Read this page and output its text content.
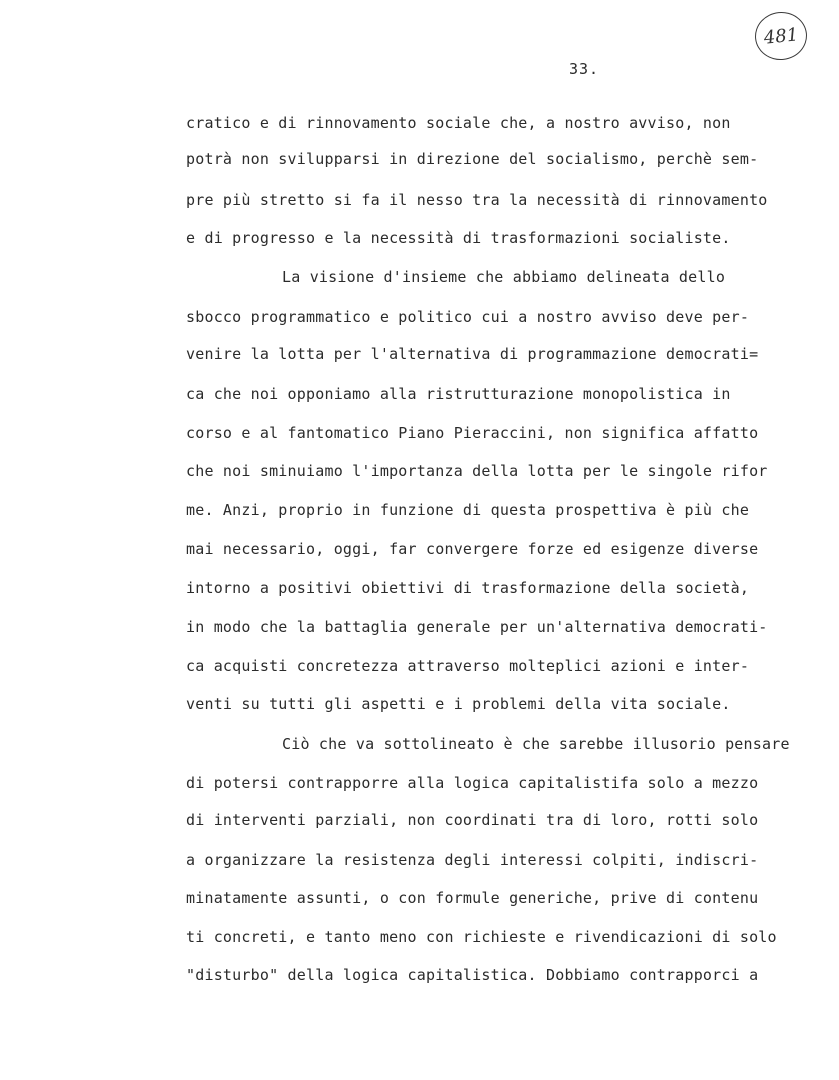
481
33.
cratico e di rinnovamento sociale che, a nostro avviso, non
potrà non svilupparsi in direzione del socialismo, perchè sem-
pre più stretto si fa il nesso tra la necessità di rinnovamento
e di progresso e la necessità di trasformazioni socialiste.
La visione d'insieme che abbiamo delineata dello
sbocco programmatico e politico cui a nostro avviso deve per-
venire la lotta per l'alternativa di programmazione democrati=
ca che noi opponiamo alla ristrutturazione monopolistica in
corso e al fantomatico Piano Pieraccini, non significa affatto
che noi sminuiamo l'importanza della lotta per le singole rifor
me. Anzi, proprio in funzione di questa prospettiva è più che
mai necessario, oggi, far convergere forze ed esigenze diverse
intorno a positivi obiettivi di trasformazione della società,
in modo che la battaglia generale per un'alternativa democrati-
ca acquisti concretezza attraverso molteplici azioni e inter-
venti su tutti gli aspetti e i problemi della vita sociale.
Ciò che va sottolineato è che sarebbe illusorio pensare
di potersi contrapporre alla logica capitalistifa solo a mezzo
di interventi parziali, non coordinati tra di loro, rotti solo
a organizzare la resistenza degli interessi colpiti, indiscri-
minatamente assunti, o con formule generiche, prive di contenu
ti concreti, e tanto meno con richieste e rivendicazioni di solo
"disturbo" della logica capitalistica. Dobbiamo contrapporci a
